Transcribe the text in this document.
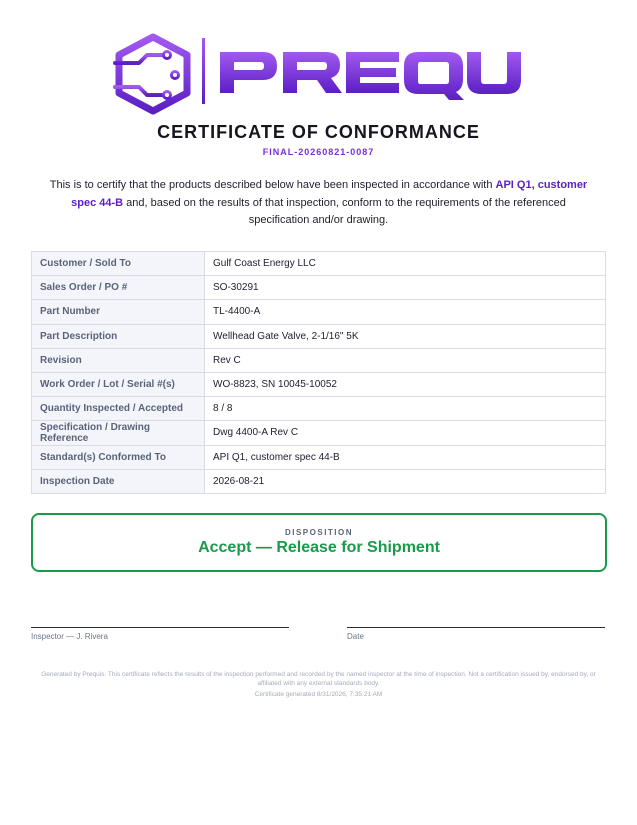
CERTIFICATE OF CONFORMANCE
FINAL-20260821-0087
This is to certify that the products described below have been inspected in accordance with API Q1, customer spec 44-B and, based on the results of that inspection, conform to the requirements of the referenced specification and/or drawing.
Customer / Sold To	Gulf Coast Energy LLC
Sales Order / PO #	SO-30291
Part Number	TL-4400-A
Part Description	Wellhead Gate Valve, 2-1/16" 5K
Revision	Rev C
Work Order / Lot / Serial #(s)	WO-8823, SN 10045-10052
Quantity Inspected / Accepted	8 / 8
Specification / Drawing Reference	Dwg 4400-A Rev C
Standard(s) Conformed To	API Q1, customer spec 44-B
Inspection Date	2026-08-21
DISPOSITION
Accept — Release for Shipment
Inspector — J. Rivera	Date
Generated by Prequis. This certificate reflects the results of the inspection performed and recorded by the named inspector at the time of inspection. Not a certification issued by, endorsed by, or affiliated with any external standards body.
Certificate generated 8/31/2026, 7:35:21 AM
